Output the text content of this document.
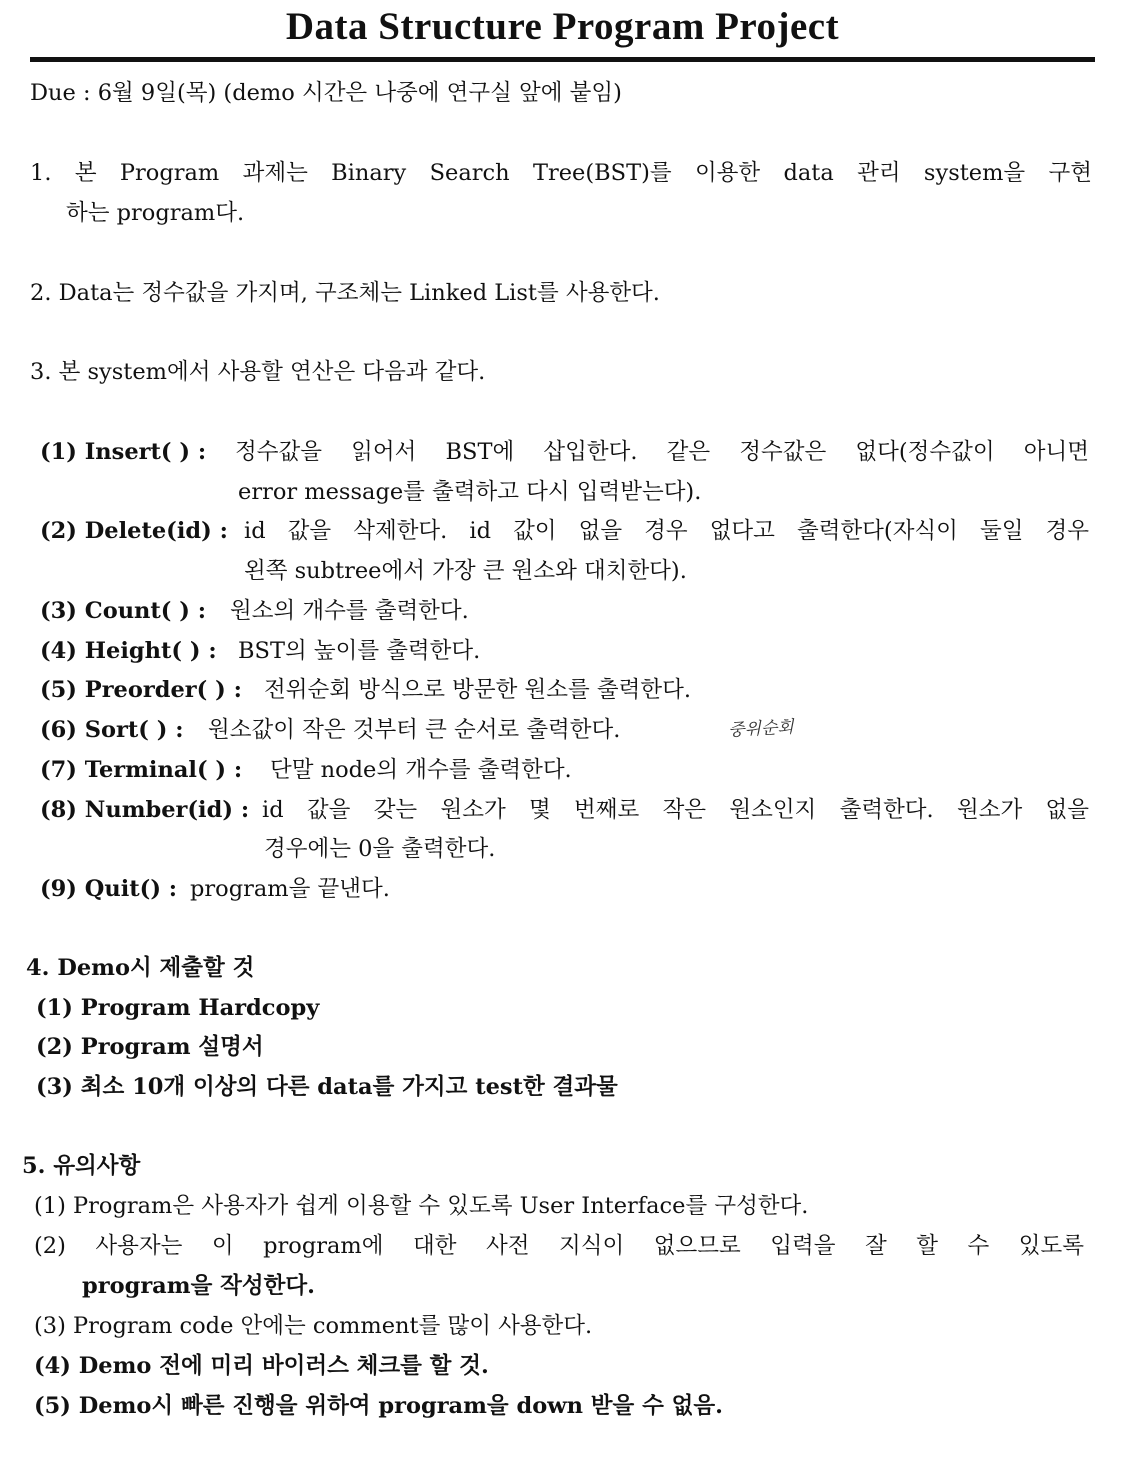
Data Structure Program Project
Due : 6월 9일(목) (demo 시간은 나중에 연구실 앞에 붙임)
1. 본 Program 과제는 Binary Search Tree(BST)를 이용한 data 관리 system을 구현
하는 program다.
2. Data는 정수값을 가지며, 구조체는 Linked List를 사용한다.
3. 본 system에서 사용할 연산은 다음과 같다.
(1) Insert( ) : 정수값을 읽어서 BST에 삽입한다. 같은 정수값은 없다(정수값이 아니면
error message를 출력하고 다시 입력받는다).
(2) Delete(id) : id 값을 삭제한다. id 값이 없을 경우 없다고 출력한다(자식이 둘일 경우
왼쪽 subtree에서 가장 큰 원소와 대치한다).
(3) Count( ) : 원소의 개수를 출력한다.
(4) Height( ) : BST의 높이를 출력한다.
(5) Preorder( ) : 전위순회 방식으로 방문한 원소를 출력한다.
(6) Sort( ) : 원소값이 작은 것부터 큰 순서로 출력한다.	중위순회
(7) Terminal( ) : 단말 node의 개수를 출력한다.
(8) Number(id) : id 값을 갖는 원소가 몇 번째로 작은 원소인지 출력한다. 원소가 없을
경우에는 0을 출력한다.
(9) Quit() : program을 끝낸다.
4. Demo시 제출할 것
(1) Program Hardcopy
(2) Program 설명서
(3) 최소 10개 이상의 다른 data를 가지고 test한 결과물
5. 유의사항
(1) Program은 사용자가 쉽게 이용할 수 있도록 User Interface를 구성한다.
(2) 사용자는 이 program에 대한 사전 지식이 없으므로 입력을 잘 할 수 있도록
program을 작성한다.
(3) Program code 안에는 comment를 많이 사용한다.
(4) Demo 전에 미리 바이러스 체크를 할 것.
(5) Demo시 빠른 진행을 위하여 program을 down 받을 수 없음.
